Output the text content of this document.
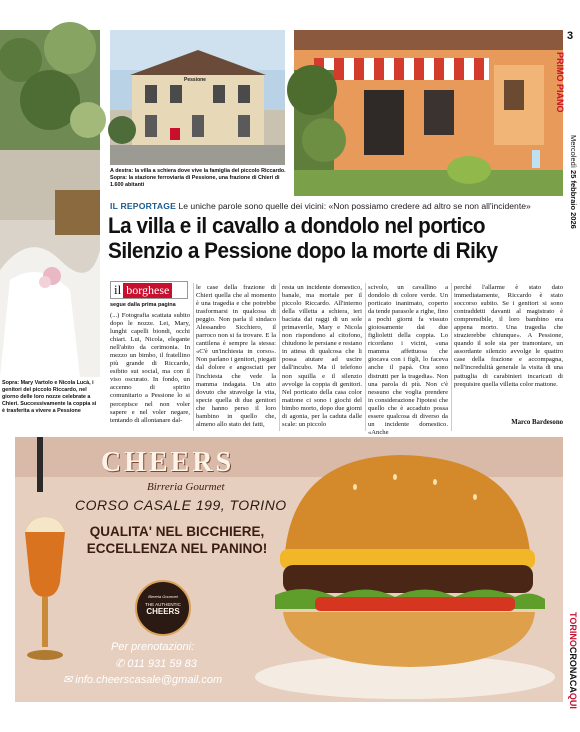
Sopra: Mary Vartolo e Nicola Lucà, i genitori del piccolo Riccardo, nel giorno delle loro nozze celebrate a Chieri. Successivamente la coppia si è trasferita a vivere a Pessione
Pessione
A destra: la villa a schiera dove vive la famiglia del piccolo Riccardo. Sopra: la stazione ferroviaria di Pessione, una frazione di Chieri di 1.600 abitanti
3
PRIMO PIANO
Mercoledì 25 febbraio 2026
IL REPORTAGE Le uniche parole sono quelle dei vicini: «Non possiamo credere ad altro se non all'incidente»
La villa e il cavallo a dondolo nel portico
Silenzio a Pessione dopo la morte di Riky
il borghese
segue dalla prima pagina
(...) Fotografia scattata subito dopo le nozze. Lei, Mary, lunghi capelli biondi, occhi chiari. Lui, Nicola, elegante nell'abito da cerimonia. In mezzo un bimbo, il fratellino più grande di Riccardo, esibito sui social, ma con il viso oscurato. In fondo, un accenno di spirito comunitario a Pessione lo si percepisce nel non voler sapere e nel voler negare, tentando di allontanare dal-
le case della frazione di Chieri quella che al momento è una tragedia e che potrebbe trasformarsi in qualcosa di peggio. Non parla il sindaco Alessandro Sicchiero, il parroco non si fa trovare. E la cantilena è sempre la stessa: «C'è un'inchiesta in corso». Non parlano i genitori, piegati dal dolore e angosciati per l'inchiesta che vede la mamma indagata. Un atto dovuto che stravolge la vita, specie quella di due genitori che hanno perso il loro bambino in quello che, almeno allo stato dei fatti,
resta un incidente domestico, banale, ma mortale per il piccolo Riccardo. All'interno della villetta a schiera, ieri baciata dai raggi di un sole primaverile, Mary e Nicola non rispondono al citofono, chiudono le persiane e restano in attesa di qualcosa che li possa aiutare ad uscire dall'incubo. Ma il telefono non squilla e il silenzio avvolge la coppia di genitori. Nel porticato della casa color mattone ci sono i giochi del bimbo morto, dopo due giorni di agonia, per la caduta dalle scale: un piccolo
scivolo, un cavallino a dondolo di colore verde. Un porticato inanimato, coperto da tende parasole a righe, fino a pochi giorni fa vissuto gioiosamente dai due figlioletti della coppia. Lo ricordano i vicini, «una mamma affettuosa che giocava con i figli, lo faceva anche il papà. Ora sono distrutti per la tragedia». Non una parola di più. Non c'è nessuno che voglia prendere in considerazione l'ipotesi che quello che è accaduto possa essere qualcosa di diverso da un incidente domestico. «Anche
perché l'allarme è stato dato immediatamente, Riccardo è stato soccorso subito. Se i genitori si sono contraddetti davanti al magistrato è comprensibile, il loro bambino era appena morto. Una tragedia che strazierebbe chiunque». A Pessione, quando il sole sta per tramontare, un assordante silenzio avvolge le quattro case della frazione e accompagna, nell'incredulità generale la visita di una pattuglia di carabinieri incaricati di prequisire quella villetta color mattone.
Marco Bardesono
CHEERS
Birreria Gourmet
CORSO CASALE 199, TORINO
QUALITA' NEL BICCHIERE,
ECCELLENZA NEL PANINO!
Birreria Gourmet
THE AUTHENTIC
CHEERS
Per prenotazioni:
✆ 011 931 59 83
✉ info.cheerscasale@gmail.com
TORINOCRONACAQUI
